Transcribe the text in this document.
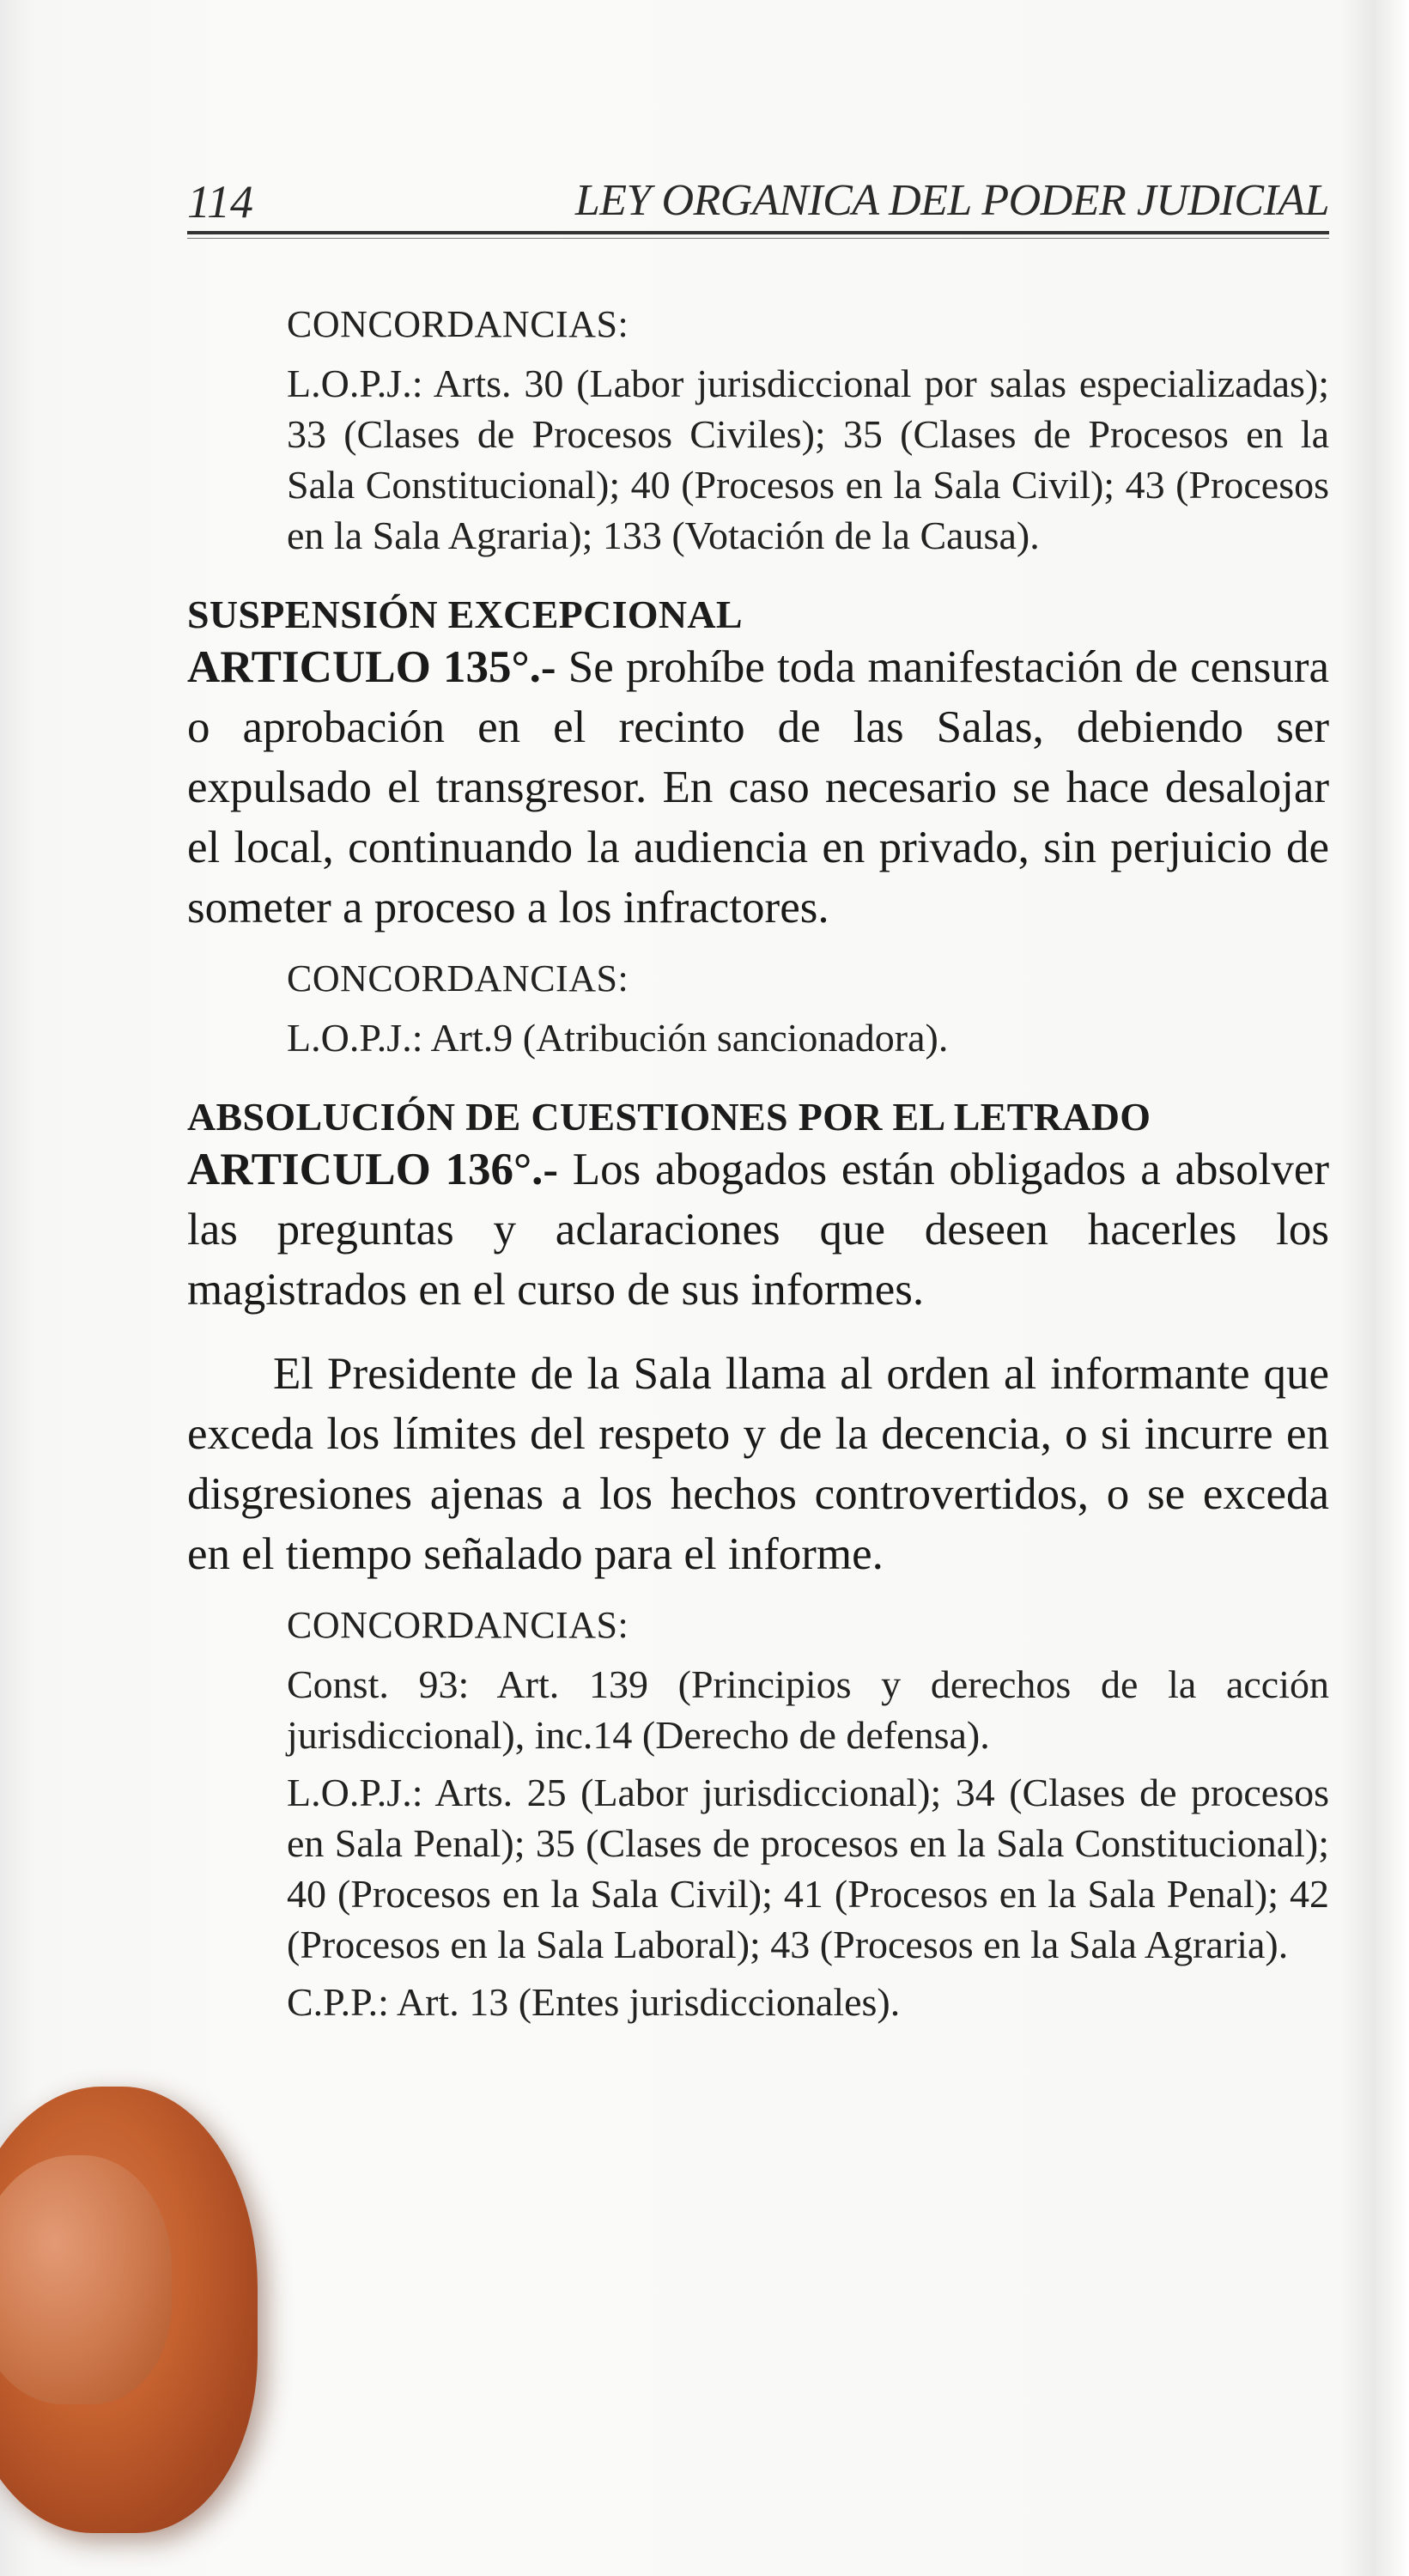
114	LEY ORGANICA DEL PODER JUDICIAL
CONCORDANCIAS:
L.O.P.J.: Arts. 30 (Labor jurisdiccional por salas especializadas); 33 (Clases de Procesos Civiles); 35 (Clases de Procesos en la Sala Constitucional); 40 (Procesos en la Sala Civil); 43 (Procesos en la Sala Agraria); 133 (Votación de la Causa).
SUSPENSIÓN EXCEPCIONAL
ARTICULO 135°.- Se prohíbe toda manifestación de censura o aprobación en el recinto de las Salas, debiendo ser expulsado el transgresor. En caso necesario se hace desalojar el local, continuando la audiencia en privado, sin perjuicio de someter a proceso a los infractores.
CONCORDANCIAS:
L.O.P.J.: Art.9 (Atribución sancionadora).
ABSOLUCIÓN DE CUESTIONES POR EL LETRADO
ARTICULO 136°.- Los abogados están obligados a absolver las preguntas y aclaraciones que deseen hacerles los magistrados en el curso de sus informes.
El Presidente de la Sala llama al orden al informante que exceda los límites del respeto y de la decencia, o si incurre en disgresiones ajenas a los hechos controvertidos, o se exceda en el tiempo señalado para el informe.
CONCORDANCIAS:
Const. 93: Art. 139 (Principios y derechos de la acción jurisdiccional), inc.14 (Derecho de defensa).
L.O.P.J.: Arts. 25 (Labor jurisdiccional); 34 (Clases de procesos en Sala Penal); 35 (Clases de procesos en la Sala Constitucional); 40 (Procesos en la Sala Civil); 41 (Procesos en la Sala Penal); 42 (Procesos en la Sala Laboral); 43 (Procesos en la Sala Agraria).
C.P.P.: Art. 13 (Entes jurisdiccionales).
